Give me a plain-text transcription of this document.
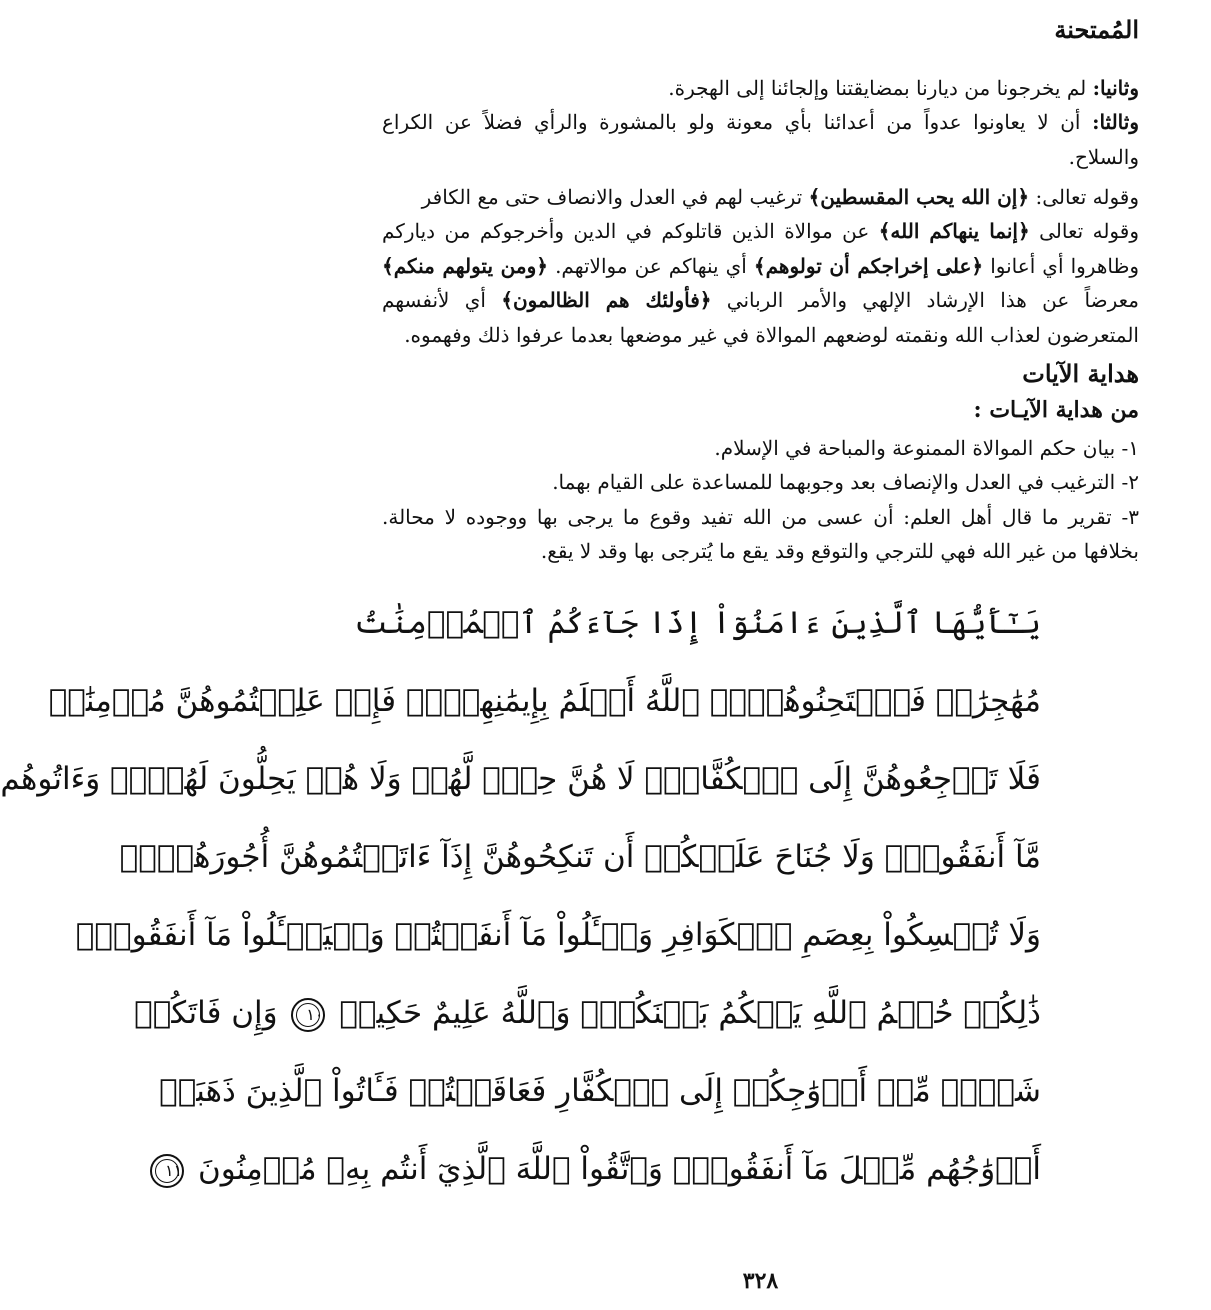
المُمتحنة

وثانيا: لم يخرجونا من ديارنا بمضايقتنا وإلجائنا إلى الهجرة.

وثالثا: أن لا يعاونوا عدواً من أعدائنا بأي معونة ولو بالمشورة والرأي فضلاً عن الكراع والسلاح.

وقوله تعالى: ﴿إن الله يحب المقسطين﴾ ترغيب لهم في العدل والانصاف حتى مع الكافر

وقوله تعالى ﴿إنما ينهاكم الله﴾ عن موالاة الذين قاتلوكم في الدين وأخرجوكم من دياركم وظاهروا أي أعانوا ﴿على إخراجكم أن تولوهم﴾ أي ينهاكم عن موالاتهم. ﴿ومن يتولهم منكم﴾ معرضاً عن هذا الإرشاد الإلهي والأمر الرباني ﴿فأولئك هم الظالمون﴾ أي لأنفسهم المتعرضون لعذاب الله ونقمته لوضعهم الموالاة في غير موضعها بعدما عرفوا ذلك وفهموه.

هداية الآيات
من هداية الآيـات :

١- بيان حكم الموالاة الممنوعة والمباحة في الإسلام.

٢- الترغيب في العدل والإنصاف بعد وجوبهما للمساعدة على القيام بهما.

٣- تقرير ما قال أهل العلم: أن عسى من الله تفيد وقوع ما يرجى بها ووجوده لا محالة. بخلافها من غير الله فهي للترجي والتوقع وقد يقع ما يُترجى بها وقد لا يقع.

يَـٰٓأَيُّهَا ٱلَّذِينَ ءَامَنُوٓاْ إِذَا جَآءَكُمُ ٱلۡمُؤۡمِنَٰتُ
مُهَٰجِرَٰتٖ فَٱمۡتَحِنُوهُنَّۖ ٱللَّهُ أَعۡلَمُ بِإِيمَٰنِهِنَّۖ فَإِنۡ عَلِمۡتُمُوهُنَّ مُؤۡمِنَٰتٖ
فَلَا تَرۡجِعُوهُنَّ إِلَى ٱلۡكُفَّارِۖ لَا هُنَّ حِلّٞ لَّهُمۡ وَلَا هُمۡ يَحِلُّونَ لَهُنَّۖ وَءَاتُوهُم
مَّآ أَنفَقُواْۚ وَلَا جُنَاحَ عَلَيۡكُمۡ أَن تَنكِحُوهُنَّ إِذَآ ءَاتَيۡتُمُوهُنَّ أُجُورَهُنَّۚ
وَلَا تُمۡسِكُواْ بِعِصَمِ ٱلۡكَوَافِرِ وَسۡـَٔلُواْ مَآ أَنفَقۡتُمۡ وَلۡيَسۡـَٔلُواْ مَآ أَنفَقُواْۚ
ذَٰلِكُمۡ حُكۡمُ ٱللَّهِ يَحۡكُمُ بَيۡنَكُمۡۖ وَٱللَّهُ عَلِيمٌ حَكِيمٞ ١٠ وَإِن فَاتَكُمۡ
شَيۡءٞ مِّنۡ أَزۡوَٰجِكُمۡ إِلَى ٱلۡكُفَّارِ فَعَاقَبۡتُمۡ فَـَٔاتُواْ ٱلَّذِينَ ذَهَبَتۡ
أَزۡوَٰجُهُم مِّثۡلَ مَآ أَنفَقُواْۚ وَٱتَّقُواْ ٱللَّهَ ٱلَّذِيٓ أَنتُم بِهِۦ مُؤۡمِنُونَ ١١
٣٢٨
